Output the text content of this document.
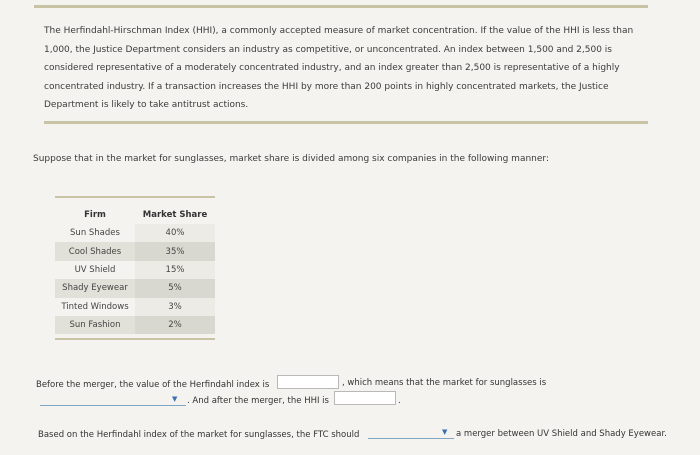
The Herfindahl-Hirschman Index (HHI), a commonly accepted measure of market concentration. If the value of the HHI is less than 1,000, the Justice Department considers an industry as competitive, or unconcentrated. An index between 1,500 and 2,500 is considered representative of a moderately concentrated industry, and an index greater than 2,500 is representative of a highly concentrated industry. If a transaction increases the HHI by more than 200 points in highly concentrated markets, the Justice Department is likely to take antitrust actions.
Suppose that in the market for sunglasses, market share is divided among six companies in the following manner:
Firm	Market Share
Sun Shades	40%
Cool Shades	35%
UV Shield	15%
Shady Eyewear	5%
Tinted Windows	3%
Sun Fashion	2%
Before the merger, the value of the Herfindahl index is	, which means that the market for sunglasses is
▼ . And after the merger, the HHI is	.
Based on the Herfindahl index of the market for sunglasses, the FTC should	▼ a merger between UV Shield and Shady Eyewear.
